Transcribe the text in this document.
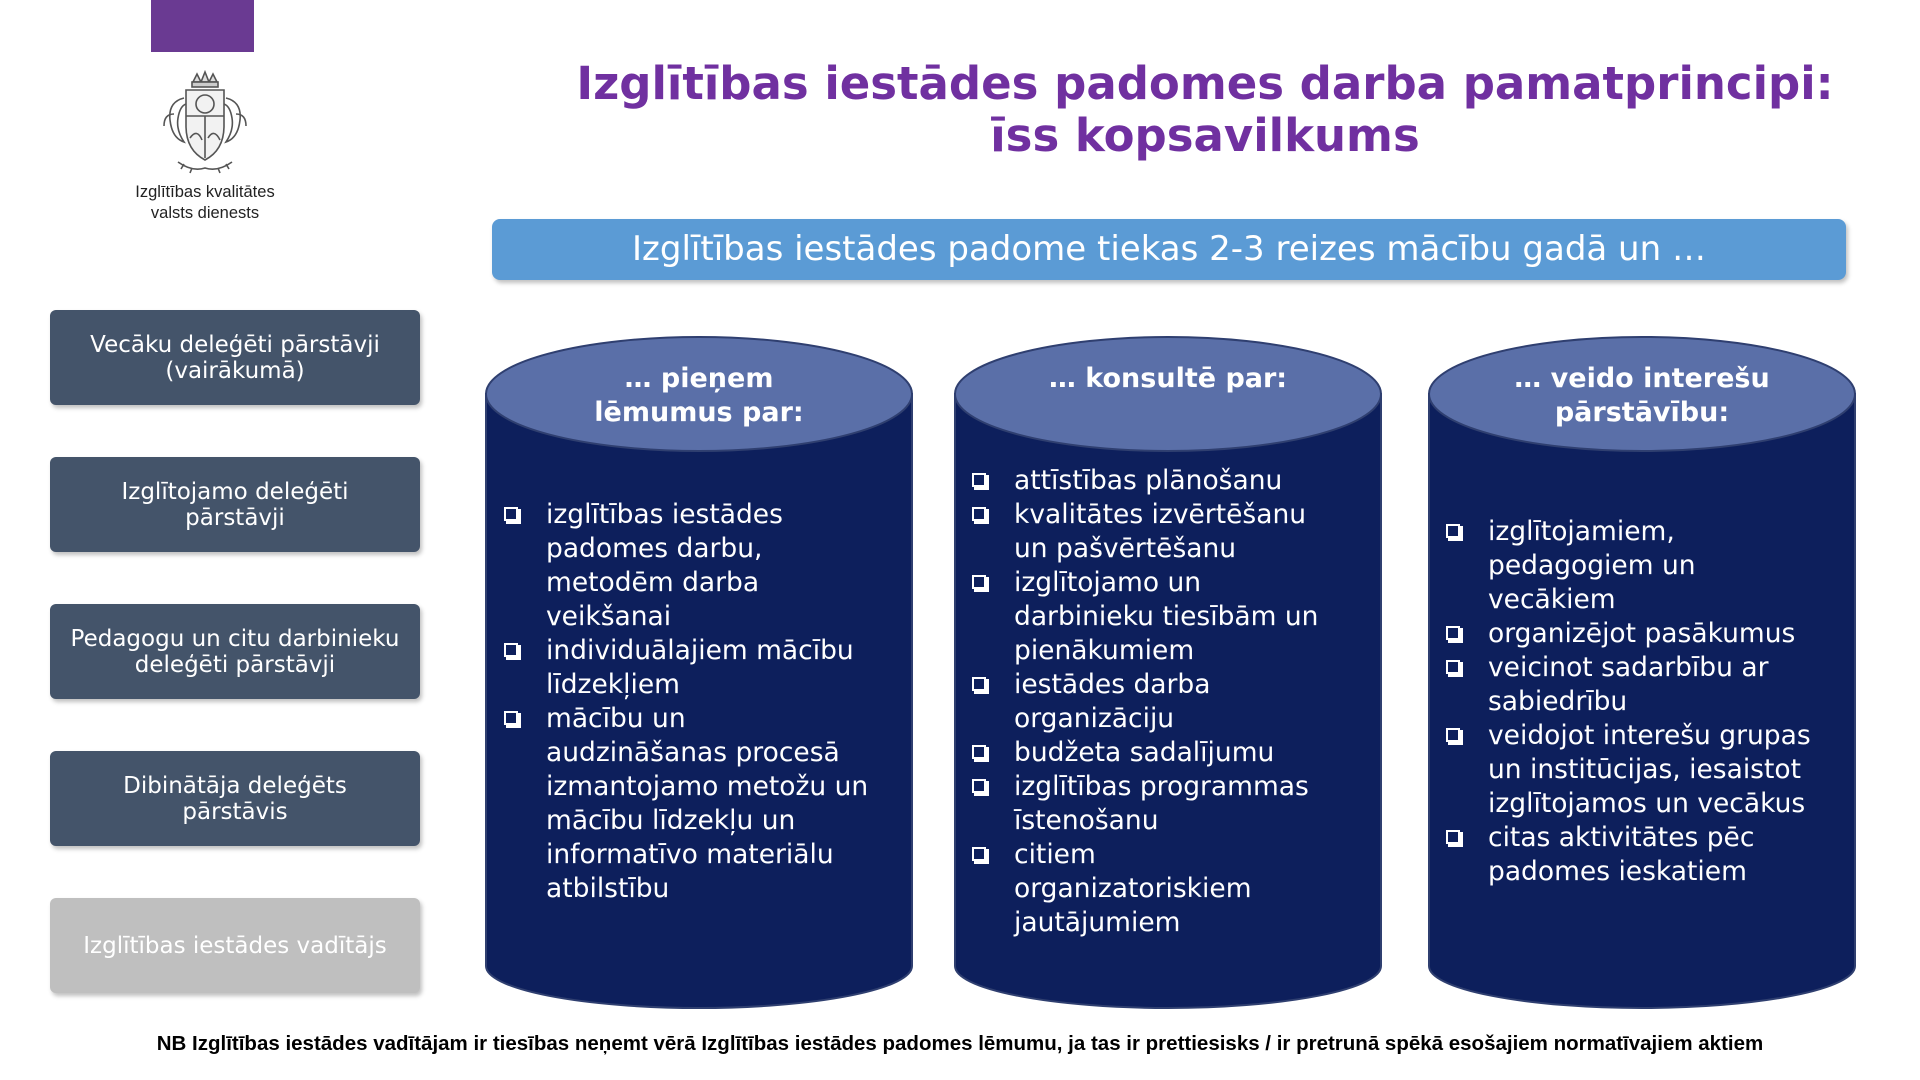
Izglītības kvalitātes
valsts dienests
Izglītības iestādes padomes darba pamatprincipi:
īss kopsavilkums
Izglītības iestādes padome tiekas 2-3 reizes mācību gadā un …
Vecāku deleģēti pārstāvji
(vairākumā)
Izglītojamo deleģēti
pārstāvji
Pedagogu un citu darbinieku
deleģēti pārstāvji
Dibinātāja deleģēts
pārstāvis
Izglītības iestādes vadītājs
… pieņem
lēmumus par:
… konsultē par:	… veido interešu
pārstāvību:
izglītības iestādes
padomes darbu,
metodēm darba
veikšanai
individuālajiem mācību
līdzekļiem
mācību un
audzināšanas procesā
izmantojamo metožu un
mācību līdzekļu un
informatīvo materiālu
atbilstību
attīstības plānošanu
kvalitātes izvērtēšanu
un pašvērtēšanu
izglītojamo un
darbinieku tiesībām un
pienākumiem
iestādes darba
organizāciju
budžeta sadalījumu
izglītības programmas
īstenošanu
citiem
organizatoriskiem
jautājumiem
izglītojamiem,
pedagogiem un
vecākiem
organizējot pasākumus
veicinot sadarbību ar
sabiedrību
veidojot interešu grupas
un institūcijas, iesaistot
izglītojamos un vecākus
citas aktivitātes pēc
padomes ieskatiem
NB Izglītības iestādes vadītājam ir tiesības neņemt vērā Izglītības iestādes padomes lēmumu, ja tas ir prettiesisks / ir pretrunā spēkā esošajiem normatīvajiem aktiem
